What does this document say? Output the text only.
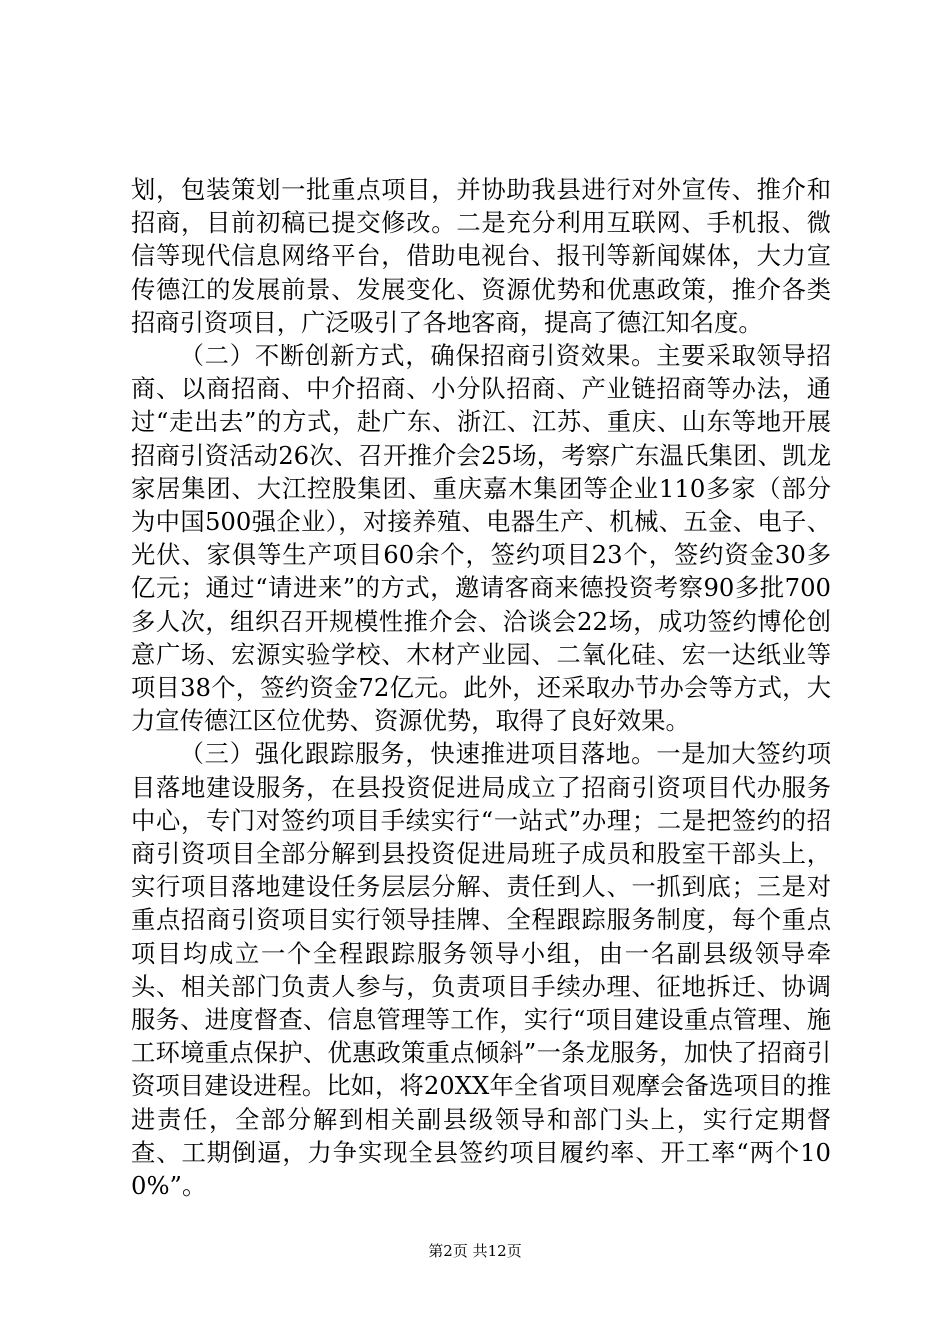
划，包装策划一批重点项目，并协助我县进行对外宣传、推介和招商，目前初稿已提交修改。二是充分利用互联网、手机报、微信等现代信息网络平台，借助电视台、报刊等新闻媒体，大力宣传德江的发展前景、发展变化、资源优势和优惠政策，推介各类招商引资项目，广泛吸引了各地客商，提高了德江知名度。

（二）不断创新方式，确保招商引资效果。主要采取领导招商、以商招商、中介招商、小分队招商、产业链招商等办法，通过“走出去”的方式，赴广东、浙江、江苏、重庆、山东等地开展招商引资活动26次、召开推介会25场，考察广东温氏集团、凯龙家居集团、大江控股集团、重庆嘉木集团等企业110多家（部分为中国500强企业），对接养殖、电器生产、机械、五金、电子、光伏、家俱等生产项目60余个，签约项目23个，签约资金30多亿元；通过“请进来”的方式，邀请客商来德投资考察90多批700多人次，组织召开规模性推介会、洽谈会22场，成功签约博伦创意广场、宏源实验学校、木材产业园、二氧化硅、宏一达纸业等项目38个，签约资金72亿元。此外，还采取办节办会等方式，大力宣传德江区位优势、资源优势，取得了良好效果。

（三）强化跟踪服务，快速推进项目落地。一是加大签约项目落地建设服务，在县投资促进局成立了招商引资项目代办服务中心，专门对签约项目手续实行“一站式”办理；二是把签约的招商引资项目全部分解到县投资促进局班子成员和股室干部头上，实行项目落地建设任务层层分解、责任到人、一抓到底；三是对重点招商引资项目实行领导挂牌、全程跟踪服务制度，每个重点项目均成立一个全程跟踪服务领导小组，由一名副县级领导牵头、相关部门负责人参与，负责项目手续办理、征地拆迁、协调服务、进度督查、信息管理等工作，实行“项目建设重点管理、施工环境重点保护、优惠政策重点倾斜”一条龙服务，加快了招商引资项目建设进程。比如，将20XX年全省项目观摩会备选项目的推进责任，全部分解到相关副县级领导和部门头上，实行定期督查、工期倒逼，力争实现全县签约项目履约率、开工率“两个100%”。

第2页 共12页
